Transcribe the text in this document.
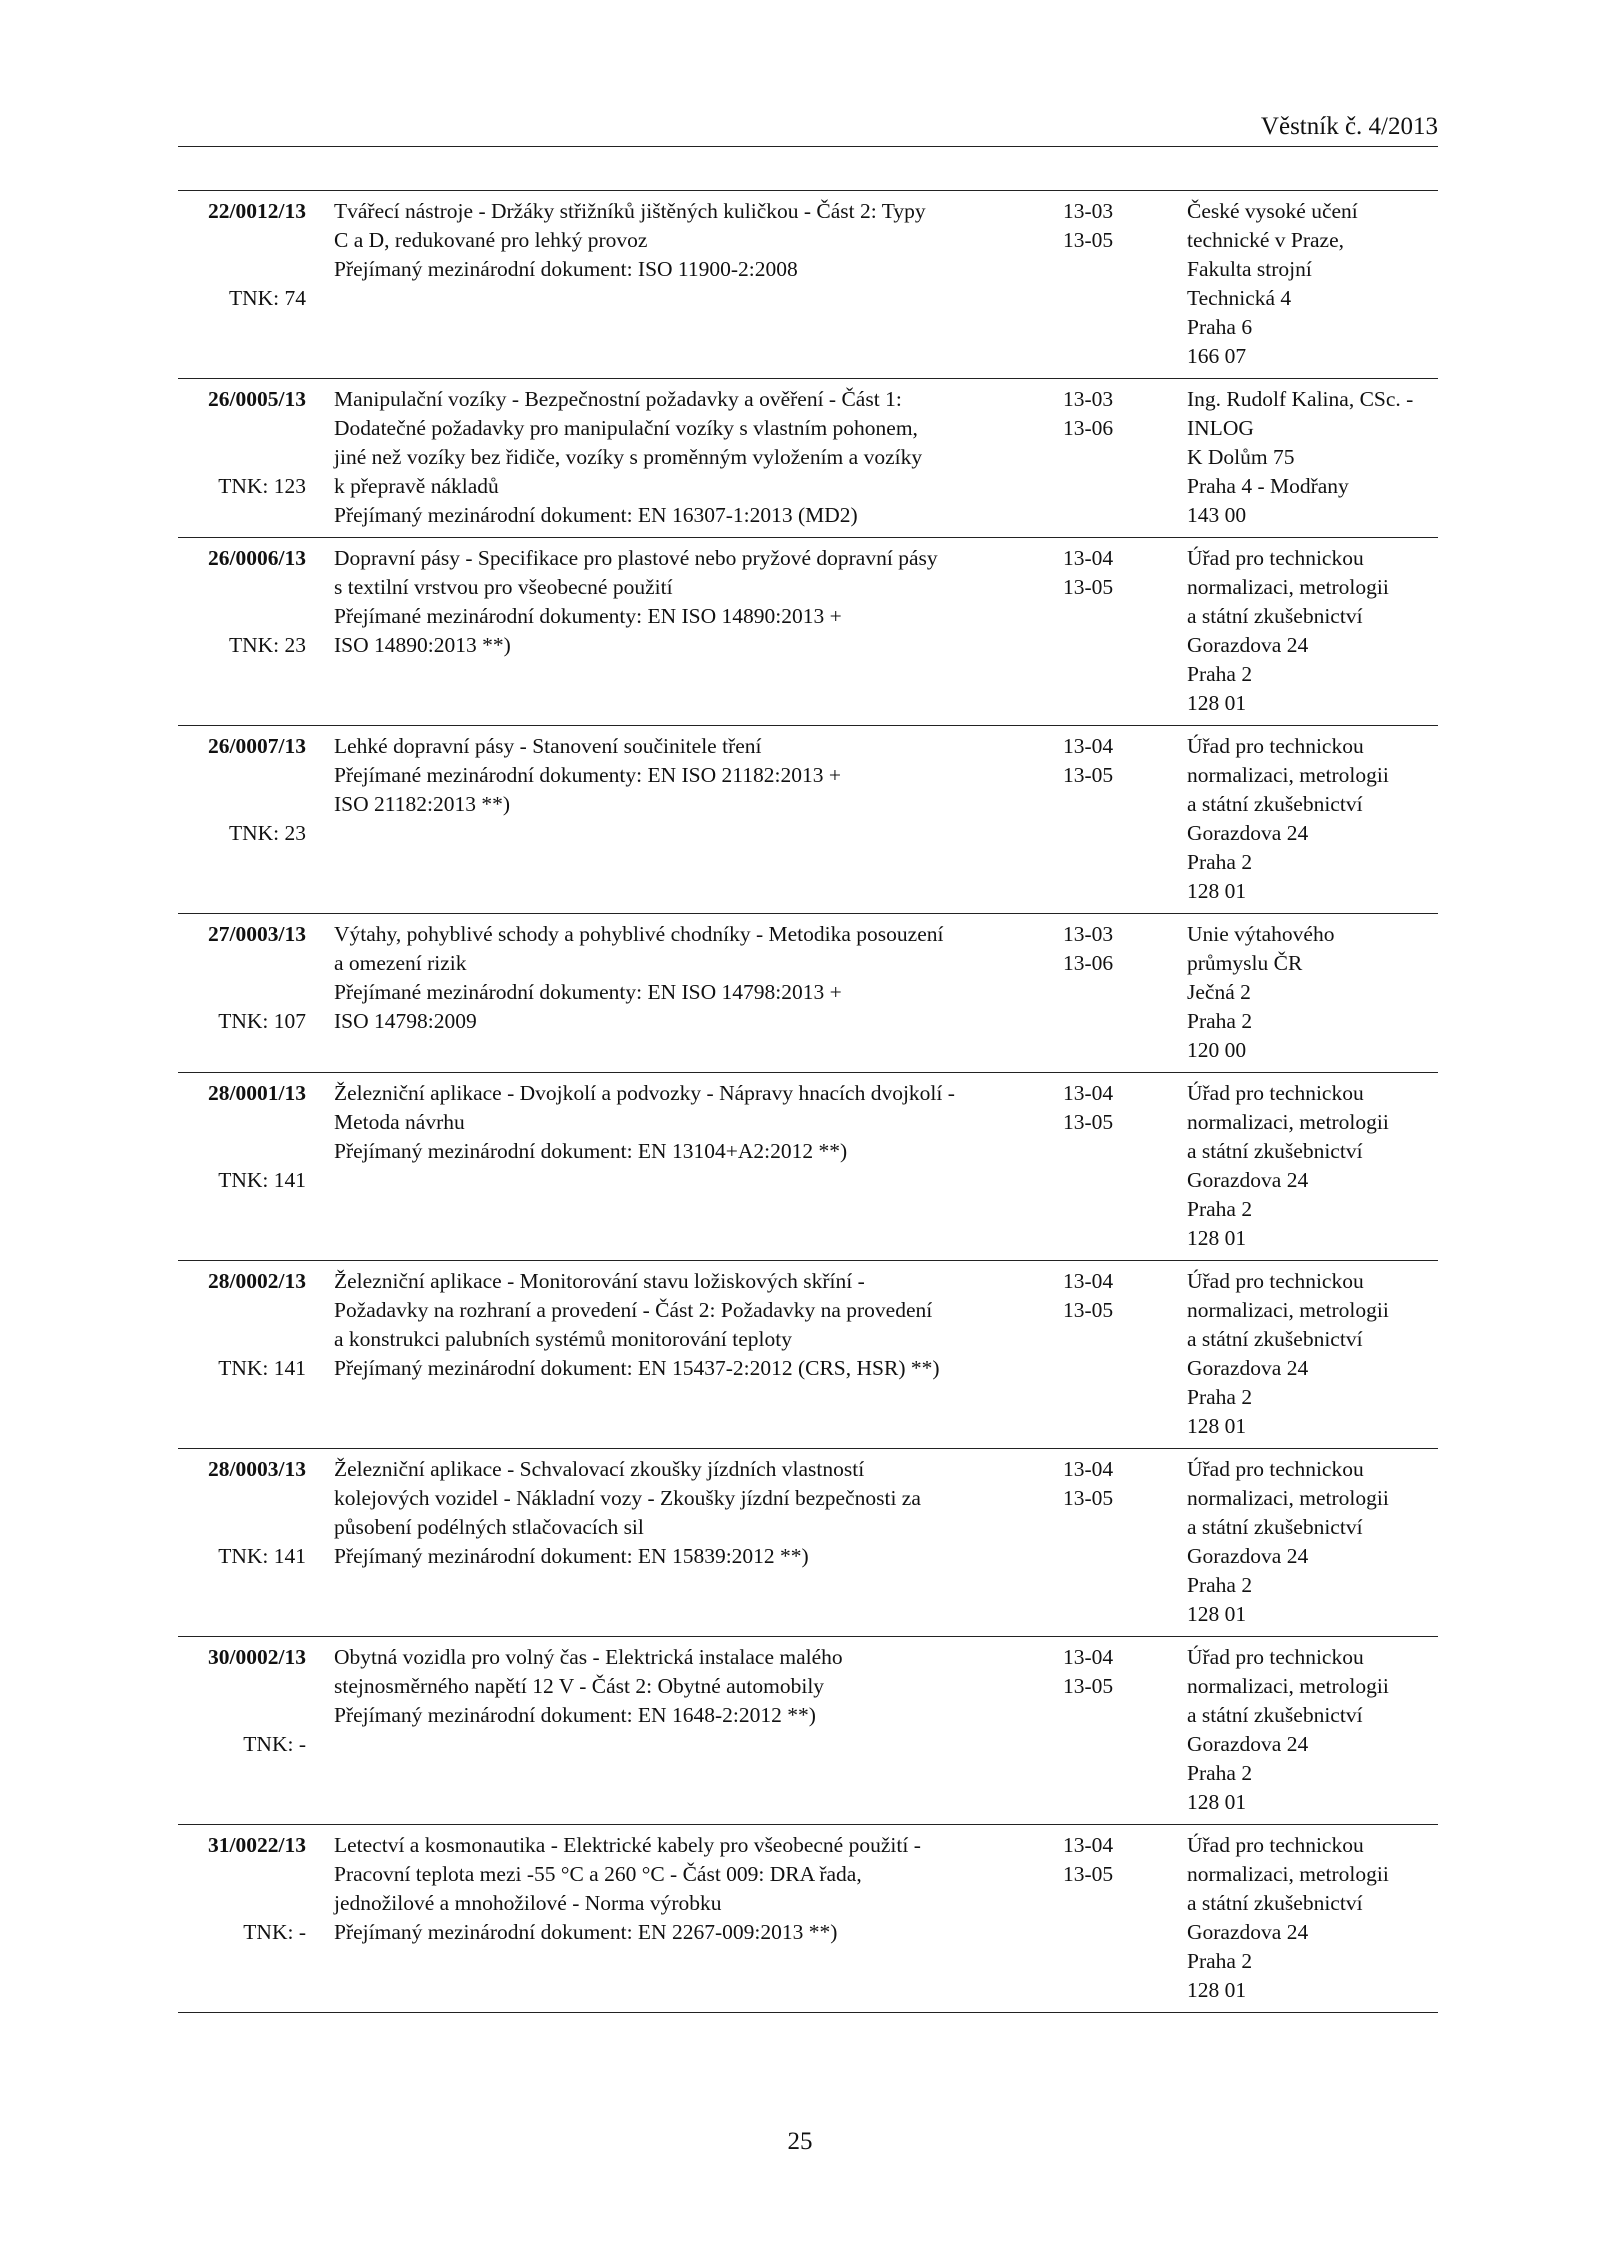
Věstník č. 4/2013
22/0012/13
TNK: 74
Tvářecí nástroje - Držáky střižníků jištěných kuličkou - Část 2: Typy
C a D, redukované pro lehký provoz
Přejímaný mezinárodní dokument: ISO 11900-2:2008
13-03
13-05
České vysoké učení
technické v Praze,
Fakulta strojní
Technická 4
Praha 6
166 07
26/0005/13
TNK: 123
Manipulační vozíky - Bezpečnostní požadavky a ověření - Část 1:
Dodatečné požadavky pro manipulační vozíky s vlastním pohonem,
jiné než vozíky bez řidiče, vozíky s proměnným vyložením a vozíky
k přepravě nákladů
Přejímaný mezinárodní dokument: EN 16307-1:2013 (MD2)
13-03
13-06
Ing. Rudolf Kalina, CSc. -
INLOG
K Dolům 75
Praha 4 - Modřany
143 00
26/0006/13
TNK: 23
Dopravní pásy - Specifikace pro plastové nebo pryžové dopravní pásy
s textilní vrstvou pro všeobecné použití
Přejímané mezinárodní dokumenty: EN ISO 14890:2013 +
ISO 14890:2013 **)
13-04
13-05
Úřad pro technickou
normalizaci, metrologii
a státní zkušebnictví
Gorazdova 24
Praha 2
128 01
26/0007/13
TNK: 23
Lehké dopravní pásy - Stanovení součinitele tření
Přejímané mezinárodní dokumenty: EN ISO 21182:2013 +
ISO 21182:2013 **)
13-04
13-05
Úřad pro technickou
normalizaci, metrologii
a státní zkušebnictví
Gorazdova 24
Praha 2
128 01
27/0003/13
TNK: 107
Výtahy, pohyblivé schody a pohyblivé chodníky - Metodika posouzení
a omezení rizik
Přejímané mezinárodní dokumenty: EN ISO 14798:2013 +
ISO 14798:2009
13-03
13-06
Unie výtahového
průmyslu ČR
Ječná 2
Praha 2
120 00
28/0001/13
TNK: 141
Železniční aplikace - Dvojkolí a podvozky - Nápravy hnacích dvojkolí -
Metoda návrhu
Přejímaný mezinárodní dokument: EN 13104+A2:2012 **)
13-04
13-05
Úřad pro technickou
normalizaci, metrologii
a státní zkušebnictví
Gorazdova 24
Praha 2
128 01
28/0002/13
TNK: 141
Železniční aplikace - Monitorování stavu ložiskových skříní -
Požadavky na rozhraní a provedení - Část 2: Požadavky na provedení
a konstrukci palubních systémů monitorování teploty
Přejímaný mezinárodní dokument: EN 15437-2:2012 (CRS, HSR) **)
13-04
13-05
Úřad pro technickou
normalizaci, metrologii
a státní zkušebnictví
Gorazdova 24
Praha 2
128 01
28/0003/13
TNK: 141
Železniční aplikace - Schvalovací zkoušky jízdních vlastností
kolejových vozidel - Nákladní vozy - Zkoušky jízdní bezpečnosti za
působení podélných stlačovacích sil
Přejímaný mezinárodní dokument: EN 15839:2012 **)
13-04
13-05
Úřad pro technickou
normalizaci, metrologii
a státní zkušebnictví
Gorazdova 24
Praha 2
128 01
30/0002/13
TNK: -
Obytná vozidla pro volný čas - Elektrická instalace malého
stejnosměrného napětí 12 V - Část 2: Obytné automobily
Přejímaný mezinárodní dokument: EN 1648-2:2012 **)
13-04
13-05
Úřad pro technickou
normalizaci, metrologii
a státní zkušebnictví
Gorazdova 24
Praha 2
128 01
31/0022/13
TNK: -
Letectví a kosmonautika - Elektrické kabely pro všeobecné použití -
Pracovní teplota mezi -55 °C a 260 °C - Část 009: DRA řada,
jednožilové a mnohožilové - Norma výrobku
Přejímaný mezinárodní dokument: EN 2267-009:2013 **)
13-04
13-05
Úřad pro technickou
normalizaci, metrologii
a státní zkušebnictví
Gorazdova 24
Praha 2
128 01
25
